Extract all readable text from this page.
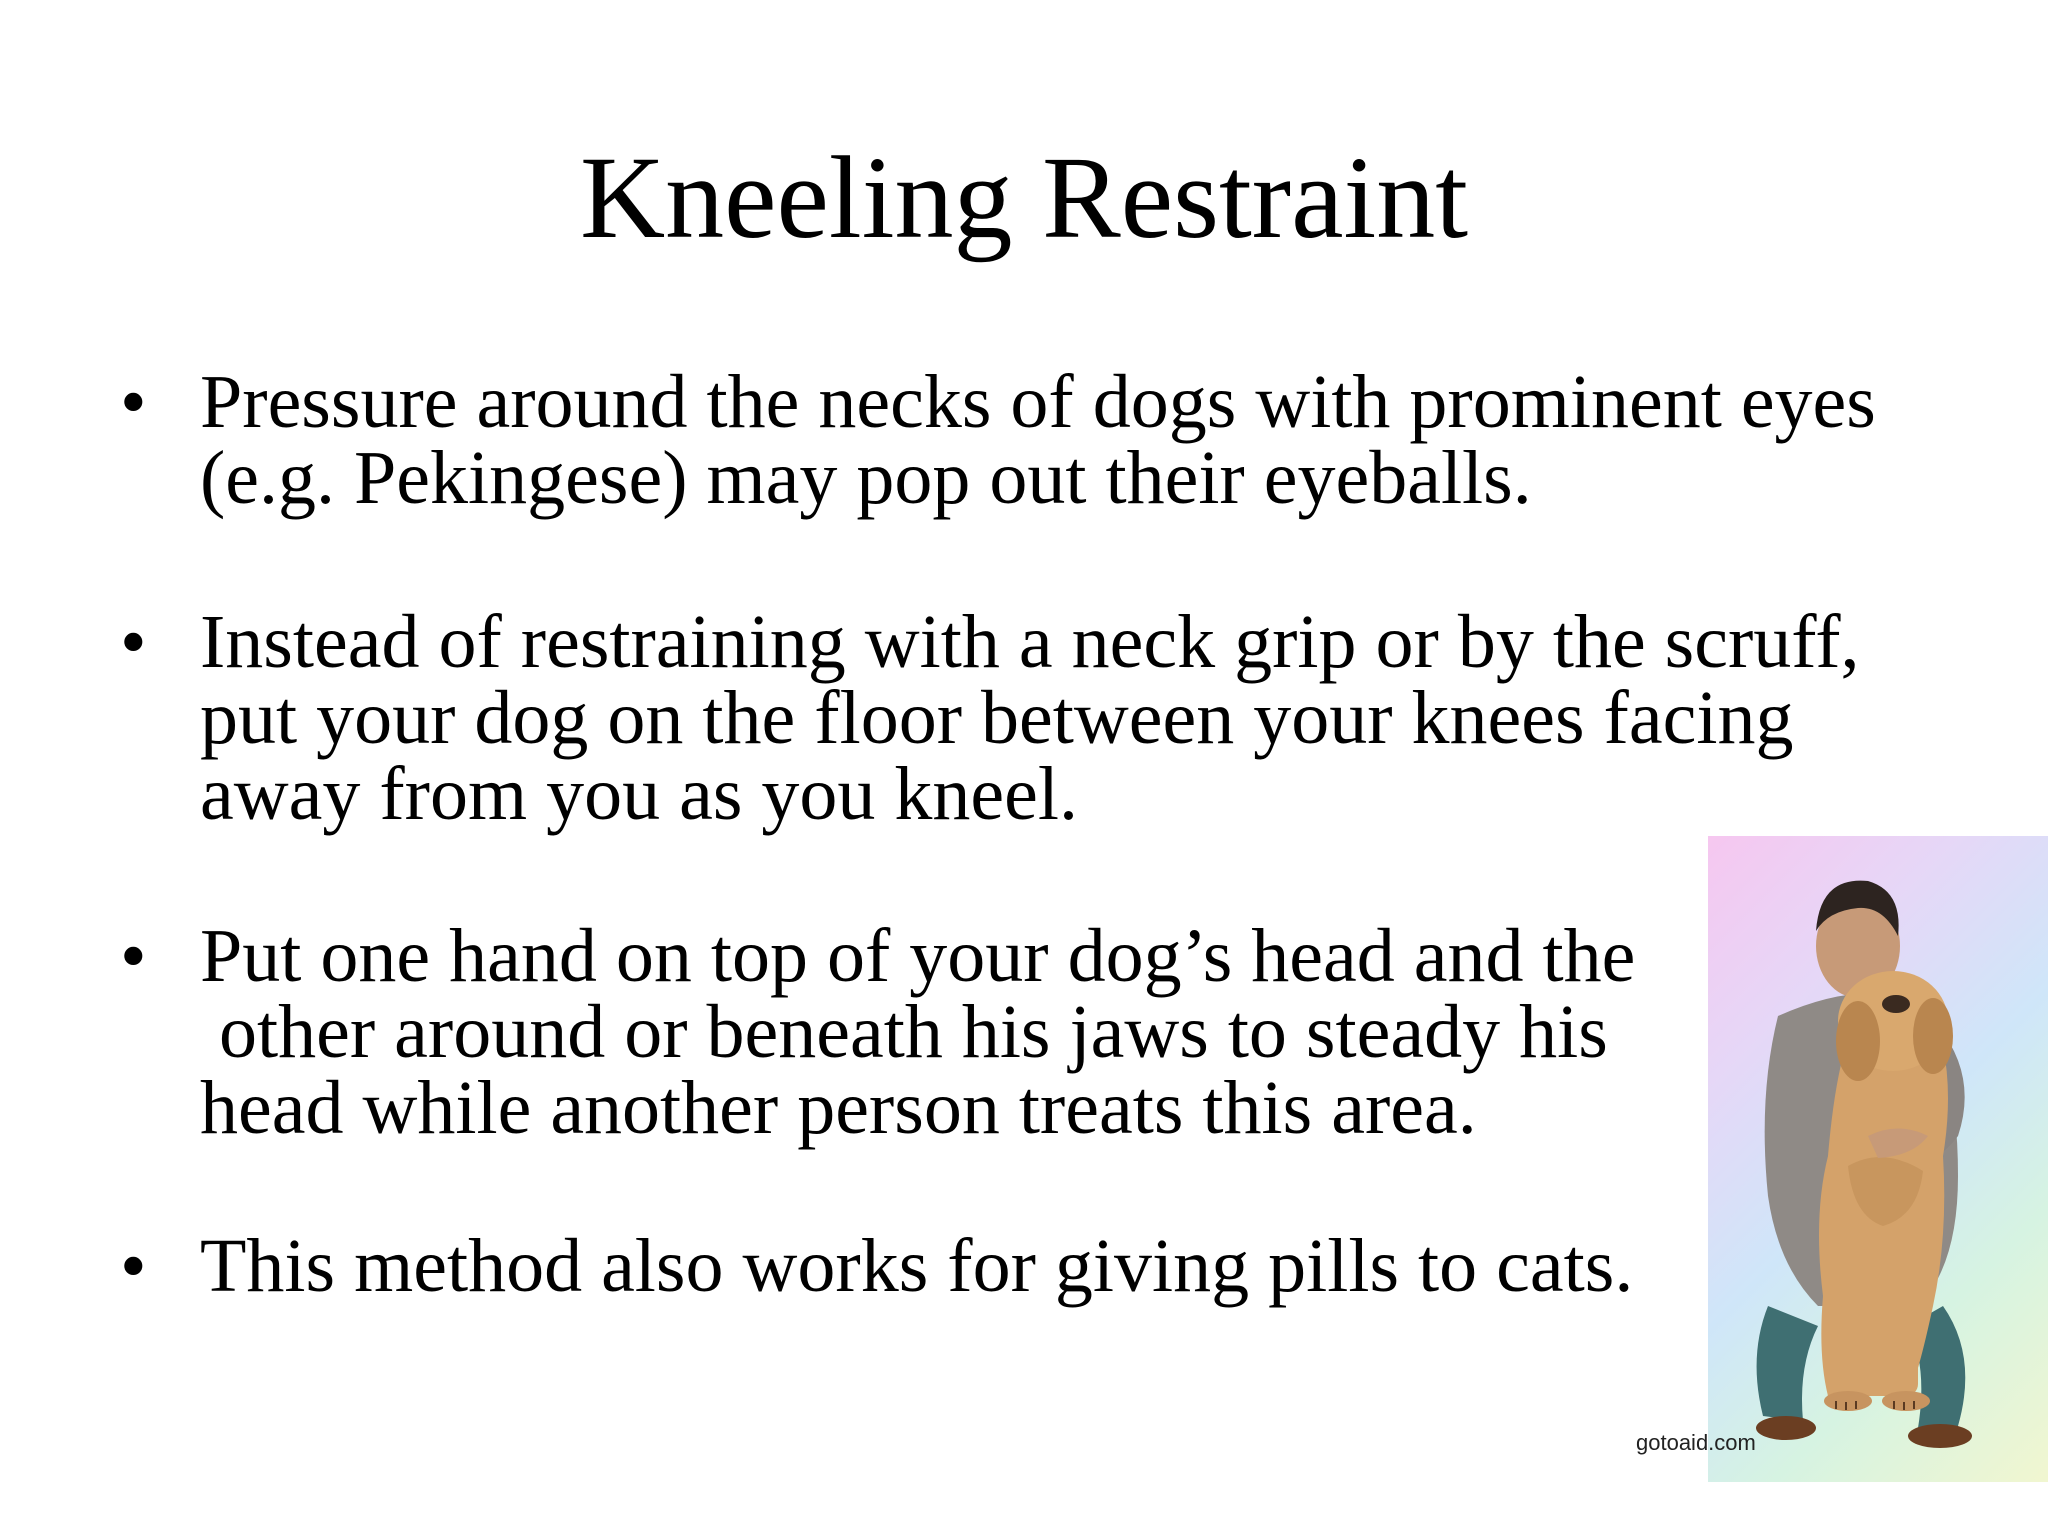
Kneeling Restraint
• Pressure around the necks of dogs with prominent eyes
(e.g. Pekingese) may pop out their eyeballs.
• Instead of restraining with a neck grip or by the scruff,
put your dog on the floor between your knees facing
away from you as you kneel.
• Put one hand on top of your dog’s head and the
other around or beneath his jaws to steady his
head while another person treats this area.
• This method also works for giving pills to cats.
gotoaid.com
